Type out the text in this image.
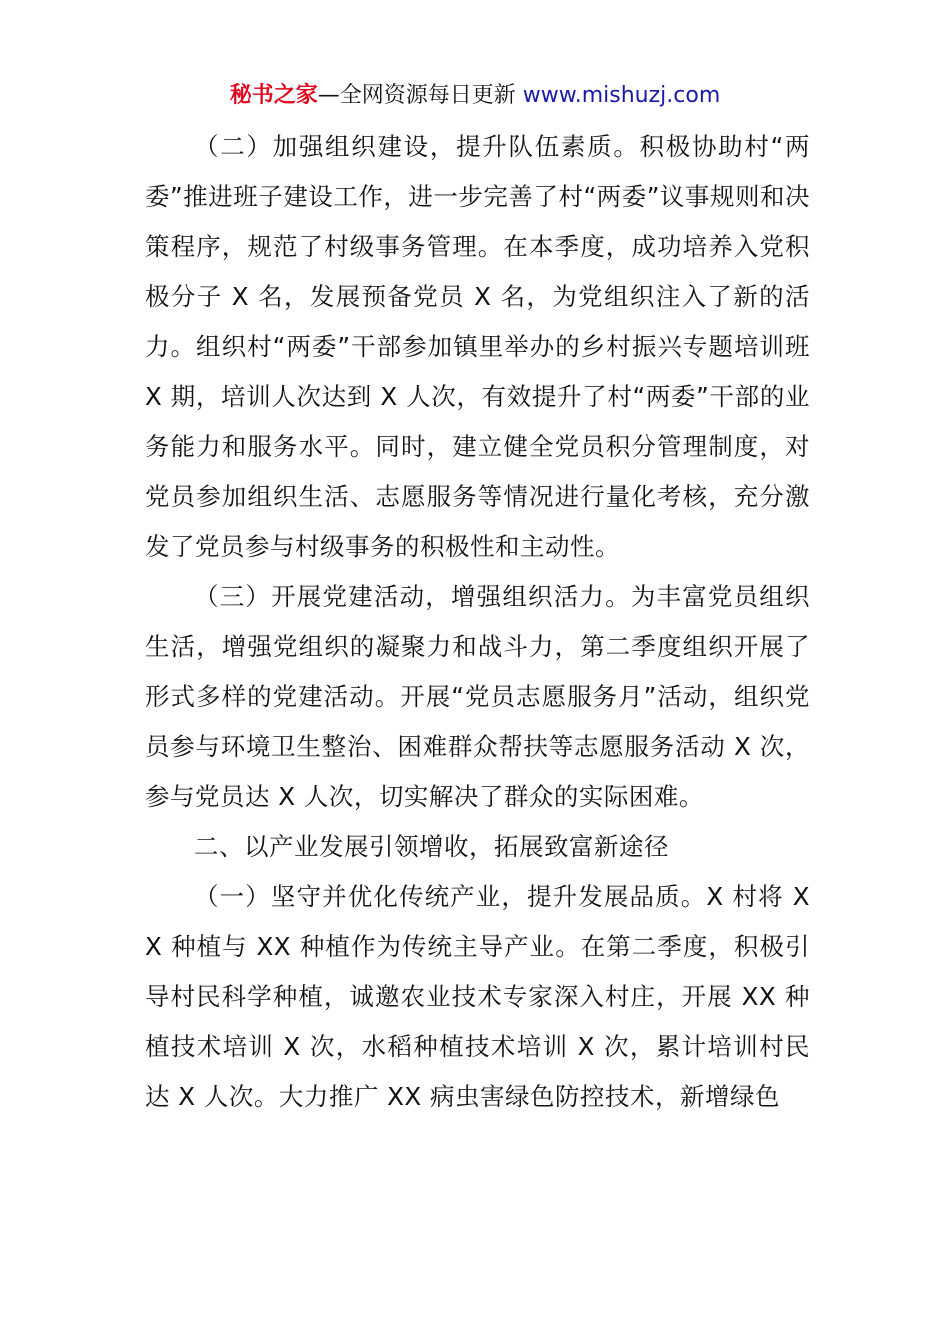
秘书之家—全网资源每日更新 www.mishuzj.com

（二）加强组织建设，提升队伍素质。积极协助村“两委”推进班子建设工作，进一步完善了村“两委”议事规则和决策程序，规范了村级事务管理。在本季度，成功培养入党积极分子 X 名，发展预备党员 X 名，为党组织注入了新的活力。组织村“两委”干部参加镇里举办的乡村振兴专题培训班 X 期，培训人次达到 X 人次，有效提升了村“两委”干部的业务能力和服务水平。同时，建立健全党员积分管理制度，对党员参加组织生活、志愿服务等情况进行量化考核，充分激发了党员参与村级事务的积极性和主动性。

（三）开展党建活动，增强组织活力。为丰富党员组织生活，增强党组织的凝聚力和战斗力，第二季度组织开展了形式多样的党建活动。开展“党员志愿服务月”活动，组织党员参与环境卫生整治、困难群众帮扶等志愿服务活动 X 次，参与党员达 X 人次，切实解决了群众的实际困难。

二、以产业发展引领增收，拓展致富新途径

（一）坚守并优化传统产业，提升发展品质。X 村将 XX 种植与 XX 种植作为传统主导产业。在第二季度，积极引导村民科学种植，诚邀农业技术专家深入村庄，开展 XX 种植技术培训 X 次，水稻种植技术培训 X 次，累计培训村民达 X 人次。大力推广 XX 病虫害绿色防控技术，新增绿色
